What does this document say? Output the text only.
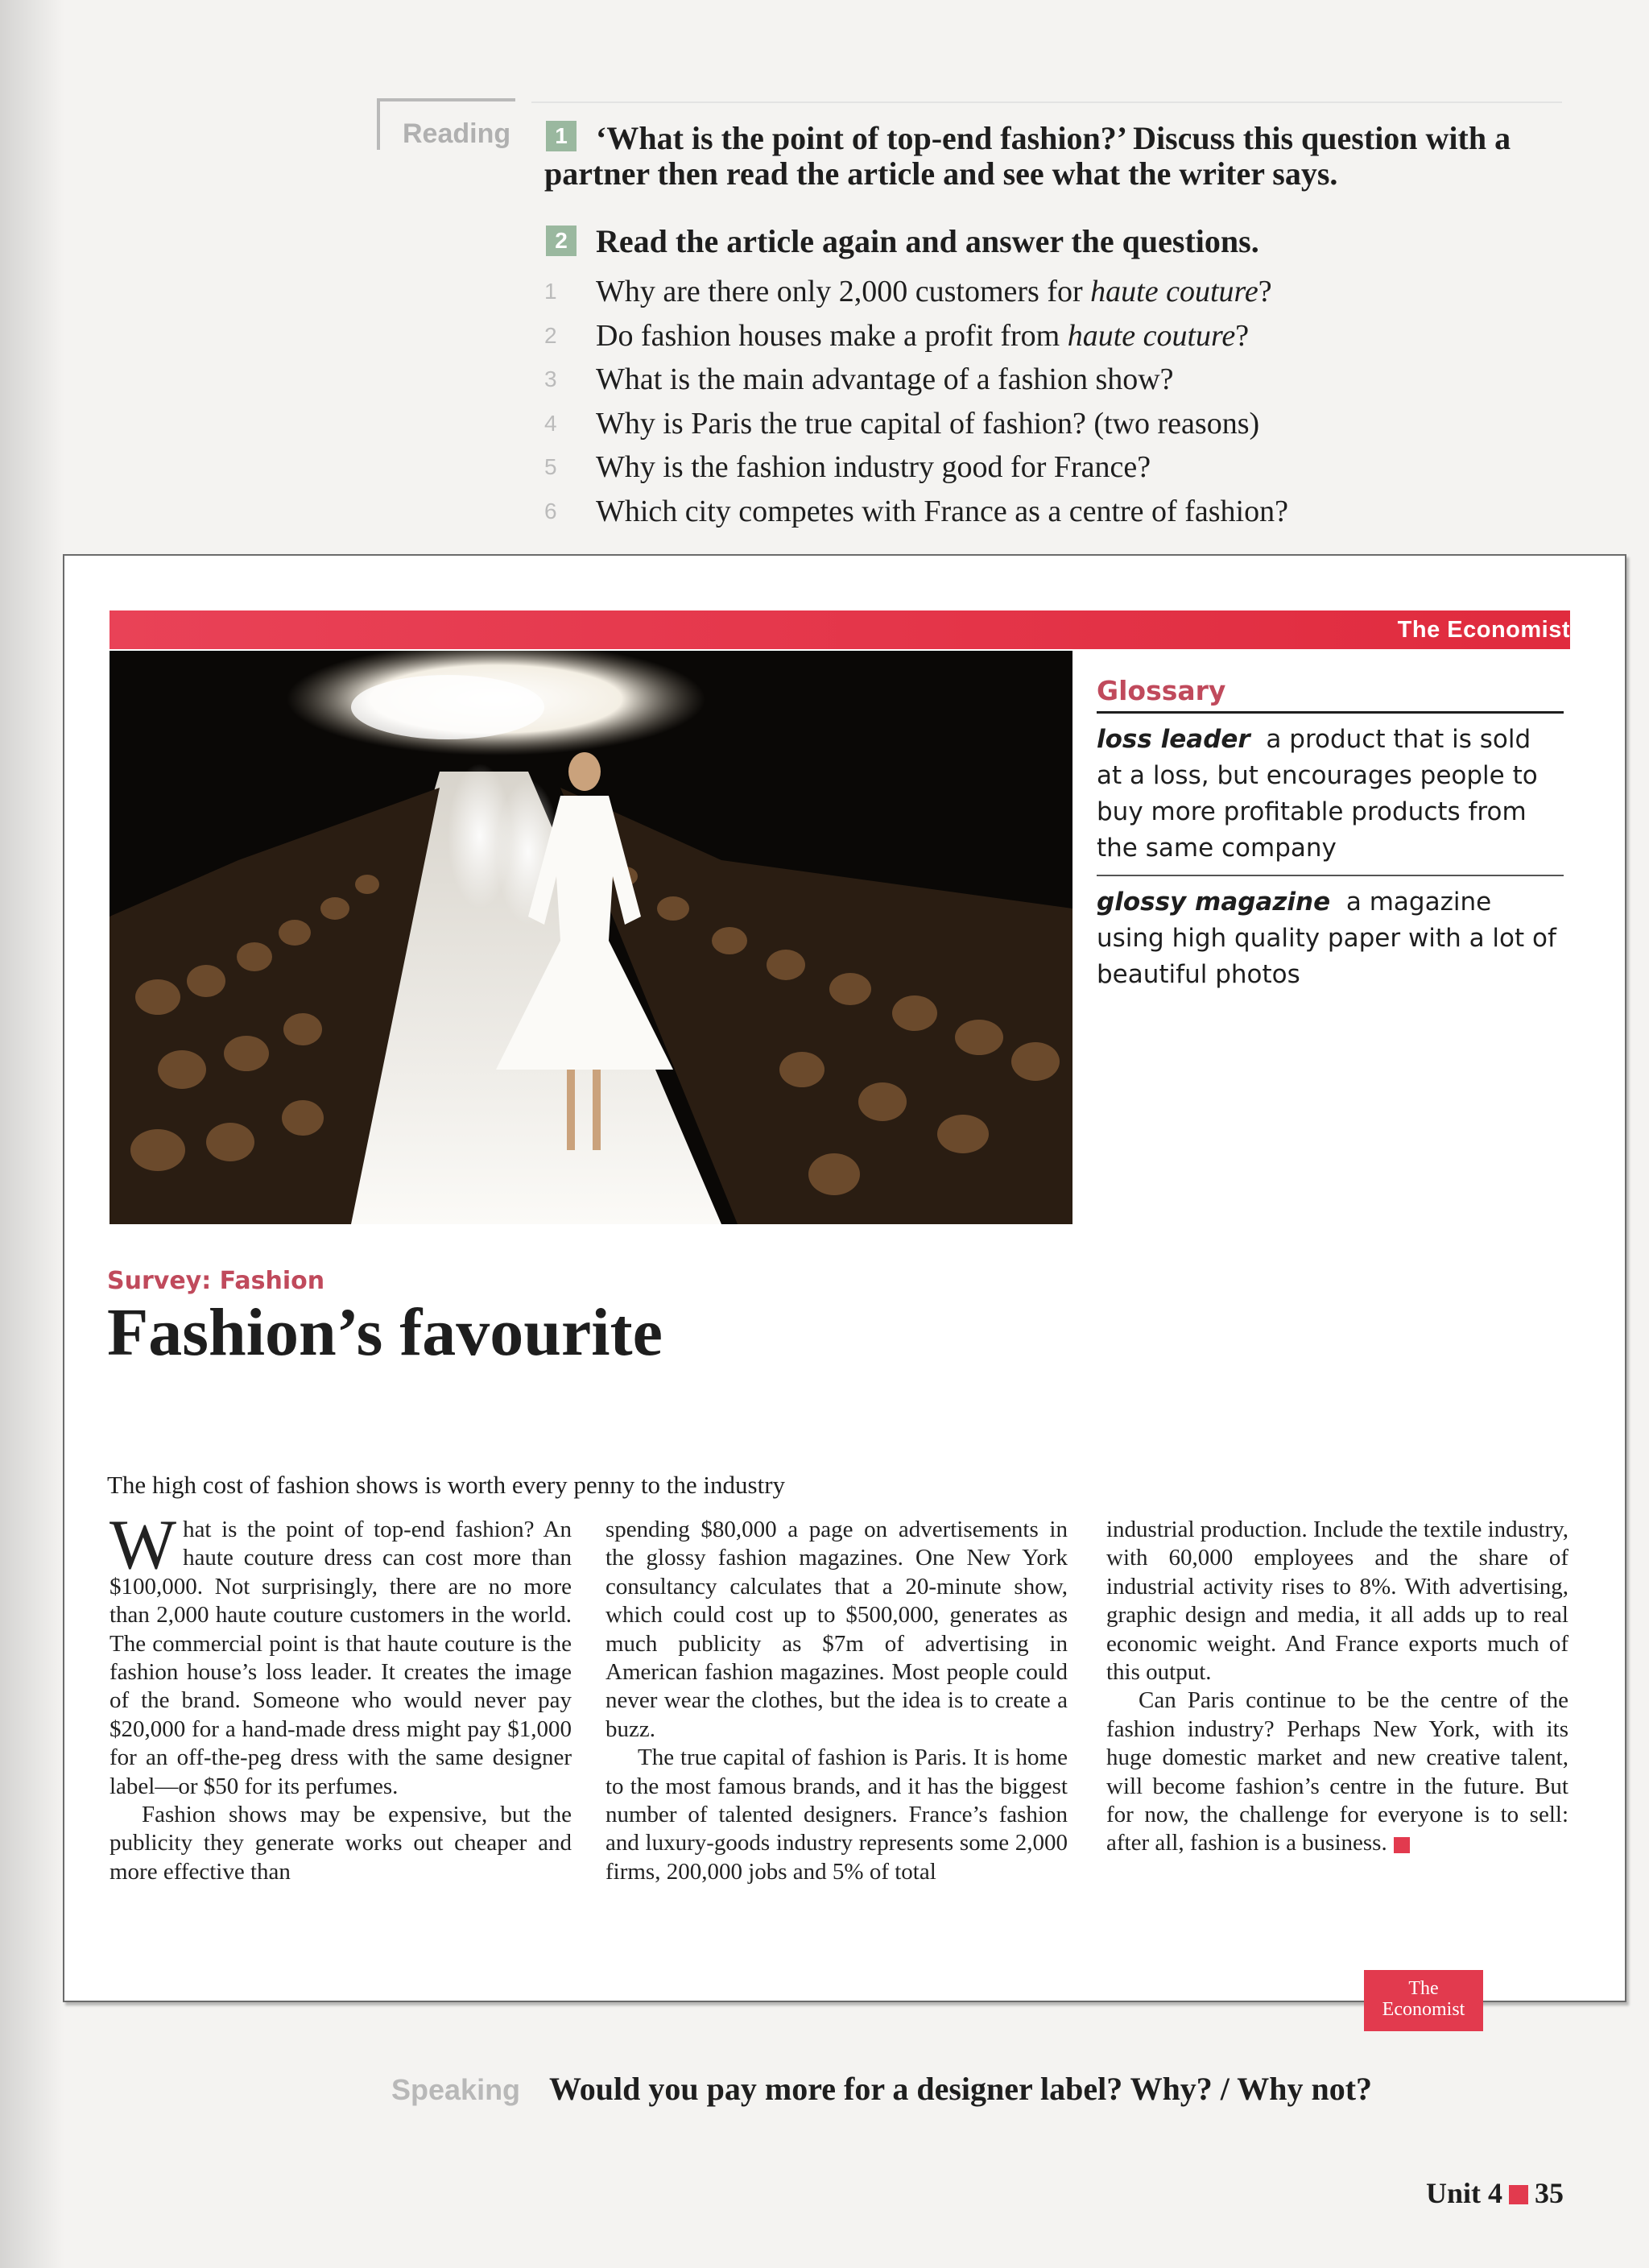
Reading	1 ‘What is the point of top-end fashion?’ Discuss this question with a partner then read the article and see what the writer says.
2 Read the article again and answer the questions.
1 Why are there only 2,000 customers for haute couture?
2 Do fashion houses make a profit from haute couture?
3 What is the main advantage of a fashion show?
4 Why is Paris the true capital of fashion? (two reasons)
5 Why is the fashion industry good for France?
6 Which city competes with France as a centre of fashion?
The Economist
Glossary
loss leader a product that is sold at a loss, but encourages people to buy more profitable products from the same company
glossy magazine a magazine using high quality paper with a lot of beautiful photos
Survey: Fashion
Fashion’s favourite
The high cost of fashion shows is worth every penny to the industry

What is the point of top-end fashion? An haute couture dress can cost more than $100,000. Not surprisingly, there are no more than 2,000 haute couture customers in the world. The commercial point is that haute couture is the fashion house’s loss leader. It creates the image of the brand. Someone who would never pay $20,000 for a hand-made dress might pay $1,000 for an off-the-peg dress with the same designer label—or $50 for its perfumes.

Fashion shows may be expensive, but the publicity they generate works out cheaper and more effective than

spending $80,000 a page on advertisements in the glossy fashion magazines. One New York consultancy calculates that a 20-minute show, which could cost up to $500,000, generates as much publicity as $7m of advertising in American fashion magazines. Most people could never wear the clothes, but the idea is to create a buzz.

The true capital of fashion is Paris. It is home to the most famous brands, and it has the biggest number of talented designers. France’s fashion and luxury-goods industry represents some 2,000 firms, 200,000 jobs and 5% of total

industrial production. Include the textile industry, with 60,000 employees and the share of industrial activity rises to 8%. With advertising, graphic design and media, it all adds up to real economic weight. And France exports much of this output.

Can Paris continue to be the centre of the fashion industry? Perhaps New York, with its huge domestic market and new creative talent, will become fashion’s centre in the future. But for now, the challenge for everyone is to sell: after all, fashion is a business.

The
Economist
Speaking Would you pay more for a designer label? Why? / Why not?
Unit 4 35
